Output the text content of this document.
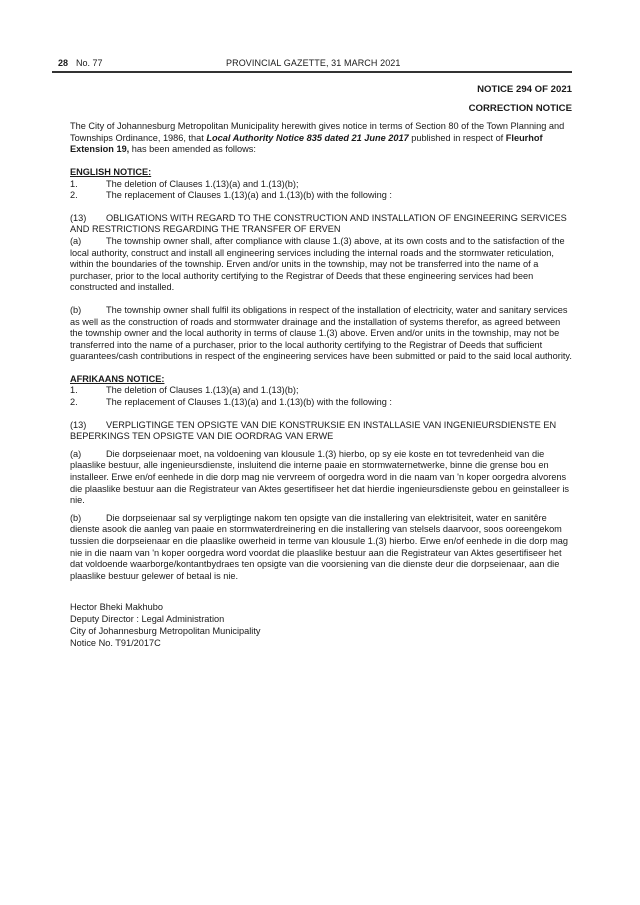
28 No. 77	PROVINCIAL GAZETTE, 31 MARCH 2021

NOTICE 294 OF 2021

CORRECTION NOTICE

The City of Johannesburg Metropolitan Municipality herewith gives notice in terms of Section 80 of the Town Planning and Townships Ordinance, 1986, that Local Authority Notice 835 dated 21 June 2017 published in respect of Fleurhof Extension 19, has been amended as follows:

ENGLISH NOTICE:

1.	The deletion of Clauses 1.(13)(a) and 1.(13)(b);
2.	The replacement of Clauses 1.(13)(a) and 1.(13)(b) with the following :

(13) OBLIGATIONS WITH REGARD TO THE CONSTRUCTION AND INSTALLATION OF ENGINEERING SERVICES AND RESTRICTIONS REGARDING THE TRANSFER OF ERVEN

(a)	The township owner shall, after compliance with clause 1.(3) above, at its own costs and to the satisfaction of the local authority, construct and install all engineering services including the internal roads and the stormwater reticulation, within the boundaries of the township. Erven and/or units in the township, may not be transferred into the name of a purchaser, prior to the local authority certifying to the Registrar of Deeds that these engineering services had been constructed and installed.

(b)	The township owner shall fulfil its obligations in respect of the installation of electricity, water and sanitary services as well as the construction of roads and stormwater drainage and the installation of systems therefor, as agreed between the township owner and the local authority in terms of clause 1.(3) above. Erven and/or units in the township, may not be transferred into the name of a purchaser, prior to the local authority certifying to the Registrar of Deeds that sufficient guarantees/cash contributions in respect of the engineering services have been submitted or paid to the said local authority.

AFRIKAANS NOTICE:

1.	The deletion of Clauses 1.(13)(a) and 1.(13)(b);
2.	The replacement of Clauses 1.(13)(a) and 1.(13)(b) with the following :

(13) VERPLIGTINGE TEN OPSIGTE VAN DIE KONSTRUKSIE EN INSTALLASIE VAN INGENIEURSDIENSTE EN BEPERKINGS TEN OPSIGTE VAN DIE OORDRAG VAN ERWE

(a)	Die dorpseienaar moet, na voldoening van klousule 1.(3) hierbo, op sy eie koste en tot tevredenheid van die plaaslike bestuur, alle ingenieursdienste, insluitend die interne paaie en stormwaternetwerke, binne die grense bou en installeer. Erwe en/of eenhede in die dorp mag nie vervreem of oorgedra word in die naam van 'n koper oorgedra alvorens die plaaslike bestuur aan die Registrateur van Aktes gesertifiseer het dat hierdie ingenieursdienste gebou en geinstalleer is nie.

(b)	Die dorpseienaar sal sy verpligtinge nakom ten opsigte van die installering van elektrisiteit, water en sanitêre dienste asook die aanleg van paaie en stormwaterdreinering en die installering van stelsels daarvoor, soos ooreengekom tussien die dorpseienaar en die plaaslike owerheid in terme van klousule 1.(3) hierbo. Erwe en/of eenhede in die dorp mag nie in die naam van 'n koper oorgedra word voordat die plaaslike bestuur aan die Registrateur van Aktes gesertifiseer het dat voldoende waarborge/kontantbydraes ten opsigte van die voorsiening van die dienste deur die dorpseienaar, aan die plaaslike bestuur gelewer of betaal is nie.

Hector Bheki Makhubo

Deputy Director : Legal Administration

City of Johannesburg Metropolitan Municipality

Notice No. T91/2017C
